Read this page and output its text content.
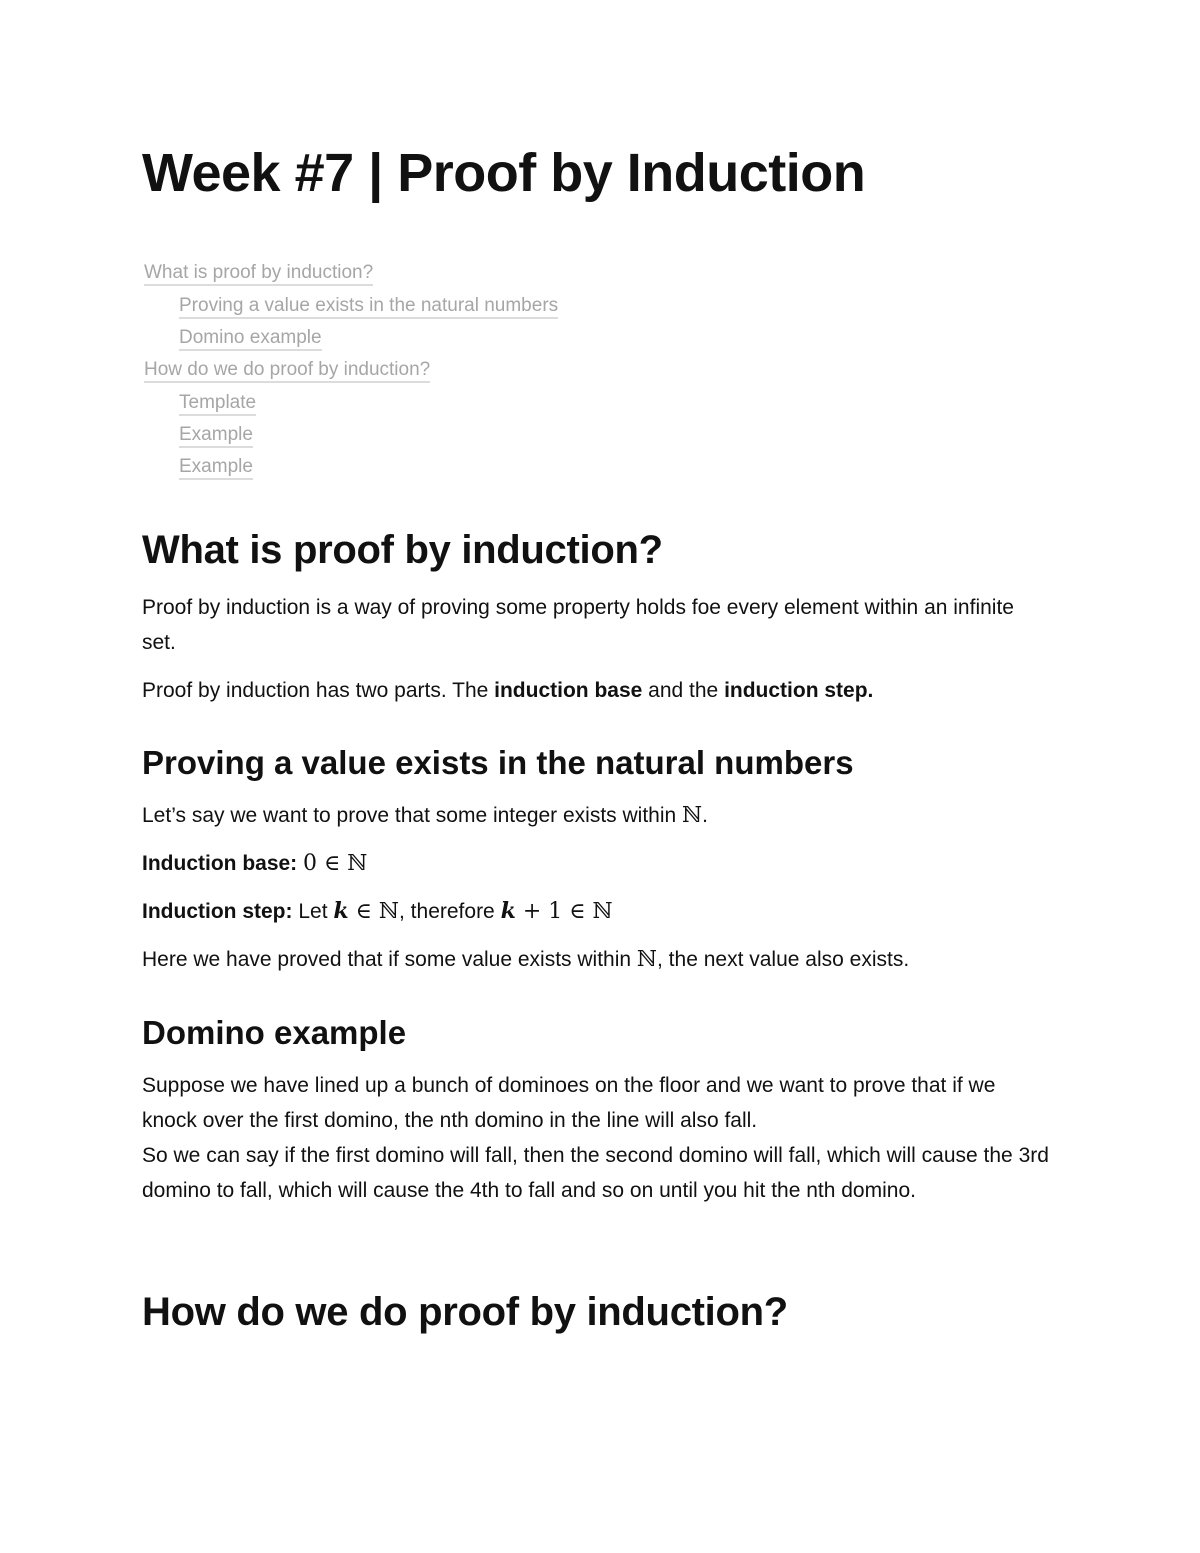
Week #7 | Proof by Induction
What is proof by induction?
Proving a value exists in the natural numbers
Domino example
How do we do proof by induction?
Template
Example
Example
What is proof by induction?

Proof by induction is a way of proving some property holds foe every element within an infinite set.

Proof by induction has two parts. The induction base and the induction step.

Proving a value exists in the natural numbers

Let’s say we want to prove that some integer exists within ℕ.

Induction base: 0 ∈ ℕ

Induction step: Let k ∈ ℕ, therefore k + 1 ∈ ℕ

Here we have proved that if some value exists within ℕ, the next value also exists.

Domino example

Suppose we have lined up a bunch of dominoes on the floor and we want to prove that if we knock over the first domino, the nth domino in the line will also fall.

So we can say if the first domino will fall, then the second domino will fall, which will cause the 3rd domino to fall, which will cause the 4th to fall and so on until you hit the nth domino.

How do we do proof by induction?
